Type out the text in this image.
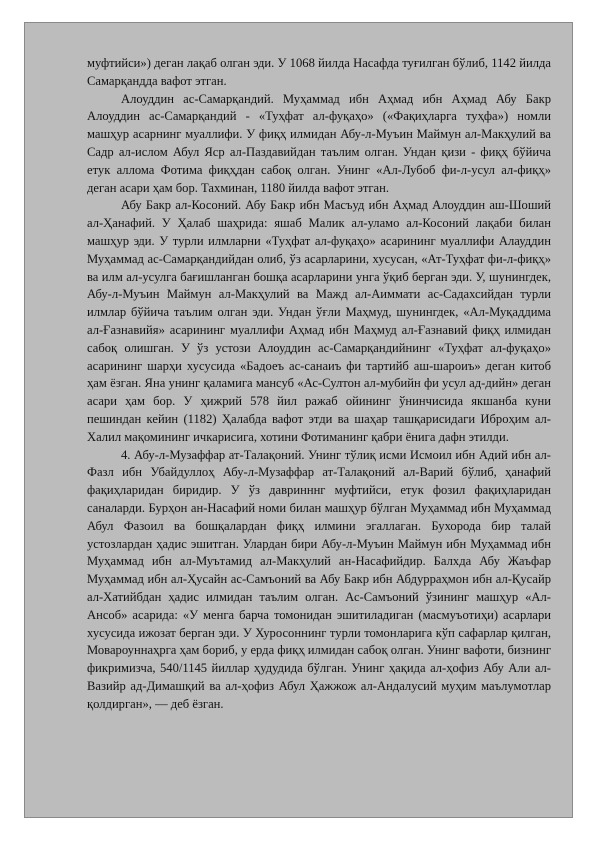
муфтийси») деган лақаб олган эди. У 1068 йилда Насафда туғилган бўлиб, 1142 йилда Самарқандда вафот этган.

Алоуддин ас-Самарқандий. Муҳаммад ибн Аҳмад ибн Аҳмад Абу Бакр Алоуддин ас-Самарқандий - «Туҳфат ал-фуқаҳо» («Фақиҳларга туҳфа») номли машҳур асарнинг муаллифи. У фиқҳ илмидан Абу-л-Муъин Маймун ал-Макҳулий ва Садр ал-ислом Абул Яср ал-Паздавийдан таълим олган. Ундан қизи - фиқҳ бўйича етук аллома Фотима фиқҳдан сабоқ олган. Унинг «Ал-Лубоб фи-л-усул ал-фиқҳ» деган асари ҳам бор. Тахминан, 1180 йилда вафот этган.

Абу Бакр ал-Косоний. Абу Бакр ибн Масъуд ибн Аҳмад Алоуддин аш-Шоший ал-Ҳанафий. У Ҳалаб шаҳрида: яшаб Малик ал-уламо ал-Косоний лақаби билан машҳур эди. У турли илмларни «Туҳфат ал-фуқаҳо» асарининг муаллифи Алауддин Муҳаммад ас-Самарқандийдан олиб, ўз асарларини, хусусан, «Ат-Туҳфат фи-л-фиқҳ» ва илм ал-усулга бағишланган бошқа асарларини унга ўқиб берган эди. У, шунингдек, Абу-л-Муъин Маймун ал-Макҳулий ва Мажд ал-Аиммати ас-Садахсийдан турли илмлар бўйича таълим олган эди. Ундан ўғли Маҳмуд, шунингдек, «Ал-Муқаддима ал-Ғазнавийя» асарининг муаллифи Аҳмад ибн Маҳмуд ал-Ғазнавий фиқҳ илмидан сабоқ олишган. У ўз устози Алоуддин ас-Самарқандийнинг «Туҳфат ал-фуқаҳо» асарининг шарҳи хусусида «Бадоеъ ас-санаиъ фи тартийб аш-шароиъ» деган китоб ҳам ёзган. Яна унинг қаламига мансуб «Ас-Султон ал-мубийн фи усул ад-дийн» деган асари ҳам бор. У ҳижрий 578 йил ражаб ойининг ўнинчисида якшанба куни пешиндан кейин (1182) Ҳалабда вафот этди ва шаҳар ташқарисидаги Иброҳим ал-Халил мақомининг ичкарисига, хотини Фотиманинг қабри ёнига дафн этилди.

4. Абу-л-Музаффар ат-Талақоний. Унинг тўлиқ исми Исмоил ибн Адий ибн ал-Фазл ибн Убайдуллоҳ Абу-л-Музаффар ат-Талақоний ал-Варий бўлиб, ҳанафий фақиҳларидан биридир. У ўз давринннг муфтийси, етук фозил фақиҳларидан саналарди. Бурҳон ан-Насафий номи билан машҳур бўлган Муҳаммад ибн Муҳаммад Абул Фазоил ва бошқалардан фиқҳ илмини эгаллаган. Бухорода бир талай устозлардан ҳадис эшитган. Улардан бири Абу-л-Муъин Маймун ибн Муҳаммад ибн Муҳаммад ибн ал-Муътамид ал-Макҳулий ан-Насафийдир. Балхда Абу Жаъфар Муҳаммад ибн ал-Ҳусайн ас-Самъоний ва Абу Бакр ибн Абдурраҳмон ибн ал-Қусайр ал-Хатийбдан ҳадис илмидан таълим олган. Ас-Самъоний ўзининг машҳур «Ал-Ансоб» асарида: «У менга барча томонидан эшитиладиган (масмуъотиҳи) асарлари хусусида ижозат берган эди. У Хуросоннинг турли томонларига кўп сафарлар қилган, Мовароуннаҳрга ҳам бориб, у ерда фиқҳ илмидан сабоқ олган. Унинг вафоти, бизнинг фикримизча, 540/1145 йиллар ҳудудида бўлган. Унинг ҳақида ал-ҳофиз Абу Али ал-Вазийр ад-Димашқий ва ал-ҳофиз Абул Ҳажжож ал-Андалусий муҳим маълумотлар қолдирган», — деб ёзган.
